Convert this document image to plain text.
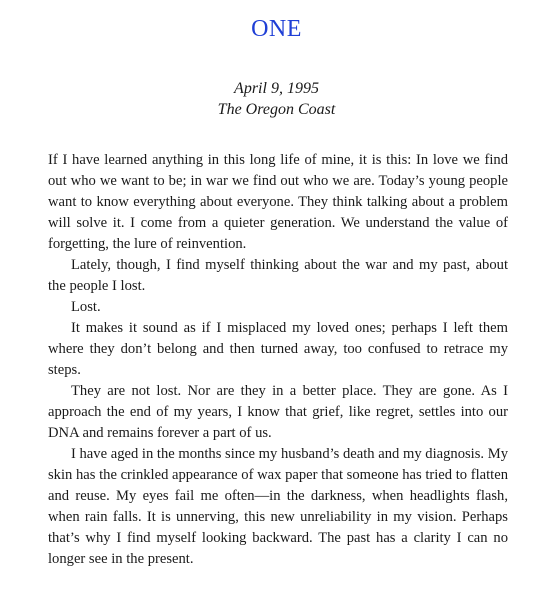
ONE
April 9, 1995
The Oregon Coast

If I have learned anything in this long life of mine, it is this: In love we find out who we want to be; in war we find out who we are. Today’s young people want to know everything about everyone. They think talking about a problem will solve it. I come from a quieter generation. We understand the value of forgetting, the lure of reinvention.

Lately, though, I find myself thinking about the war and my past, about the people I lost.

Lost.

It makes it sound as if I misplaced my loved ones; perhaps I left them where they don’t belong and then turned away, too confused to retrace my steps.

They are not lost. Nor are they in a better place. They are gone. As I approach the end of my years, I know that grief, like regret, settles into our DNA and remains forever a part of us.

I have aged in the months since my husband’s death and my diagnosis. My skin has the crinkled appearance of wax paper that someone has tried to flatten and reuse. My eyes fail me often—in the darkness, when headlights flash, when rain falls. It is unnerving, this new unreliability in my vision. Perhaps that’s why I find myself looking backward. The past has a clarity I can no longer see in the present.
